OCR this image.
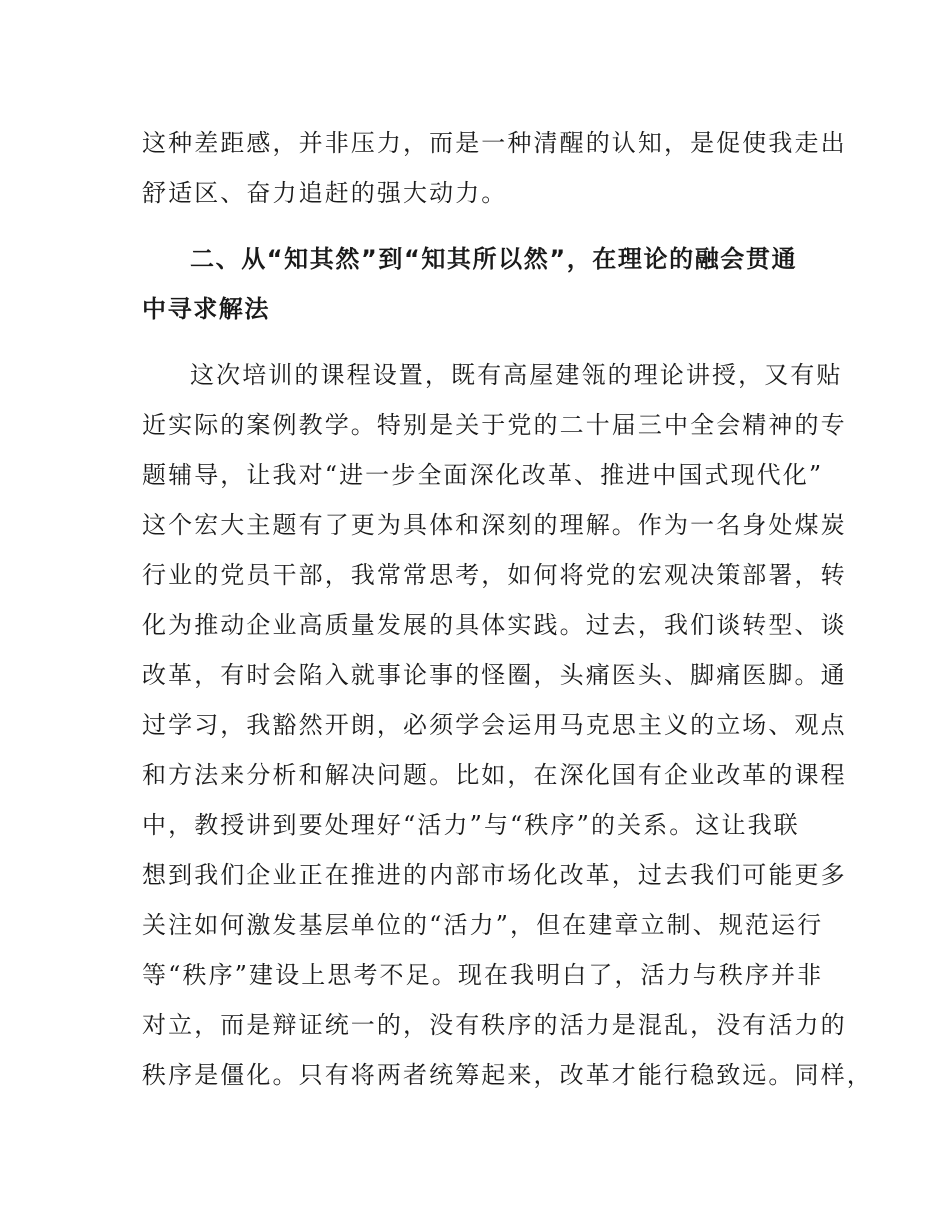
这种差距感，并非压力，而是一种清醒的认知，是促使我走出
舒适区、奋力追赶的强大动力。
二、从“知其然”到“知其所以然”，在理论的融会贯通
中寻求解法
这次培训的课程设置，既有高屋建瓴的理论讲授，又有贴
近实际的案例教学。特别是关于党的二十届三中全会精神的专
题辅导，让我对“进一步全面深化改革、推进中国式现代化”
这个宏大主题有了更为具体和深刻的理解。作为一名身处煤炭
行业的党员干部，我常常思考，如何将党的宏观决策部署，转
化为推动企业高质量发展的具体实践。过去，我们谈转型、谈
改革，有时会陷入就事论事的怪圈，头痛医头、脚痛医脚。通
过学习，我豁然开朗，必须学会运用马克思主义的立场、观点
和方法来分析和解决问题。比如，在深化国有企业改革的课程
中，教授讲到要处理好“活力”与“秩序”的关系。这让我联
想到我们企业正在推进的内部市场化改革，过去我们可能更多
关注如何激发基层单位的“活力”，但在建章立制、规范运行
等“秩序”建设上思考不足。现在我明白了，活力与秩序并非
对立，而是辩证统一的，没有秩序的活力是混乱，没有活力的
秩序是僵化。只有将两者统筹起来，改革才能行稳致远。同样，
